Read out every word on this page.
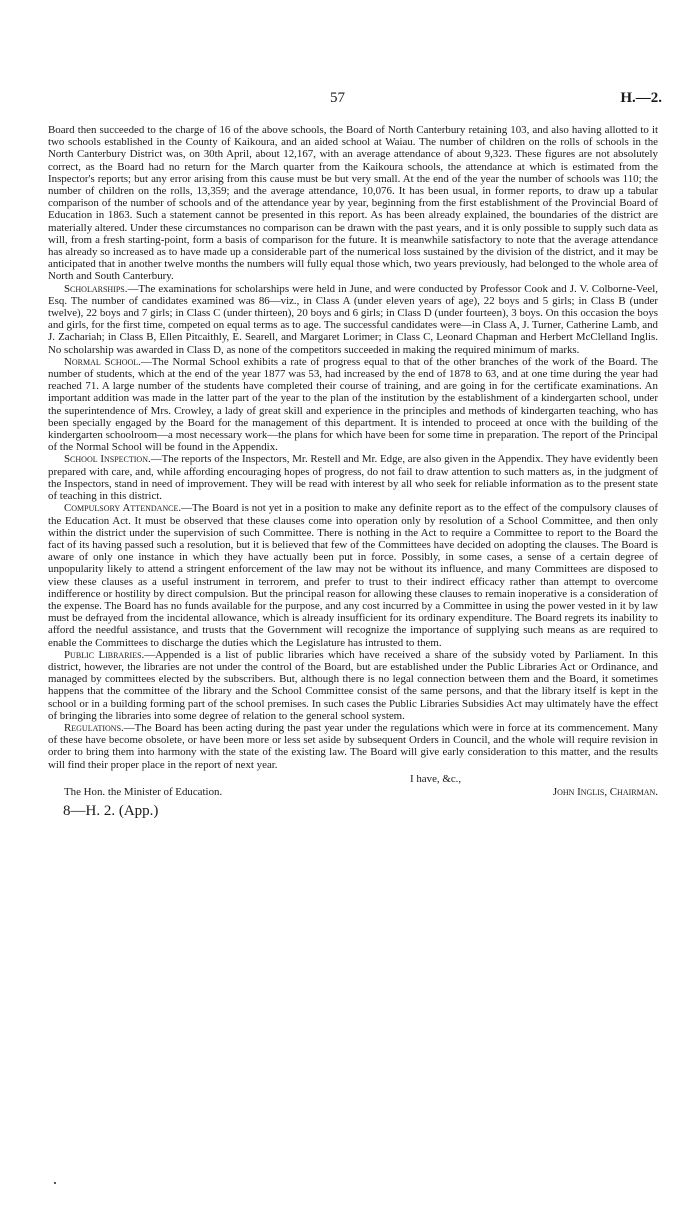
57	H.—2.

Board then succeeded to the charge of 16 of the above schools, the Board of North Canterbury retaining 103, and also having allotted to it two schools established in the County of Kaikoura, and an aided school at Waiau. The number of children on the rolls of schools in the North Canterbury District was, on 30th April, about 12,167, with an average attendance of about 9,323. These figures are not absolutely correct, as the Board had no return for the March quarter from the Kaikoura schools, the attendance at which is estimated from the Inspector's reports; but any error arising from this cause must be but very small. At the end of the year the number of schools was 110; the number of children on the rolls, 13,359; and the average attendance, 10,076. It has been usual, in former reports, to draw up a tabular comparison of the number of schools and of the attendance year by year, beginning from the first establishment of the Provincial Board of Education in 1863. Such a statement cannot be presented in this report. As has been already explained, the boundaries of the district are materially altered. Under these circumstances no comparison can be drawn with the past years, and it is only possible to supply such data as will, from a fresh starting-point, form a basis of comparison for the future. It is meanwhile satisfactory to note that the average attendance has already so increased as to have made up a considerable part of the numerical loss sustained by the division of the district, and it may be anticipated that in another twelve months the numbers will fully equal those which, two years previously, had belonged to the whole area of North and South Canterbury.

Scholarships.—The examinations for scholarships were held in June, and were conducted by Professor Cook and J. V. Colborne-Veel, Esq. The number of candidates examined was 86—viz., in Class A (under eleven years of age), 22 boys and 5 girls; in Class B (under twelve), 22 boys and 7 girls; in Class C (under thirteen), 20 boys and 6 girls; in Class D (under fourteen), 3 boys. On this occasion the boys and girls, for the first time, competed on equal terms as to age. The successful candidates were—in Class A, J. Turner, Catherine Lamb, and J. Zachariah; in Class B, Ellen Pitcaithly, E. Searell, and Margaret Lorimer; in Class C, Leonard Chapman and Herbert McClelland Inglis. No scholarship was awarded in Class D, as none of the competitors succeeded in making the required minimum of marks.

Normal School.—The Normal School exhibits a rate of progress equal to that of the other branches of the work of the Board. The number of students, which at the end of the year 1877 was 53, had increased by the end of 1878 to 63, and at one time during the year had reached 71. A large number of the students have completed their course of training, and are going in for the certificate examinations. An important addition was made in the latter part of the year to the plan of the institution by the establishment of a kindergarten school, under the superintendence of Mrs. Crowley, a lady of great skill and experience in the principles and methods of kindergarten teaching, who has been specially engaged by the Board for the management of this department. It is intended to proceed at once with the building of the kindergarten schoolroom—a most necessary work—the plans for which have been for some time in preparation. The report of the Principal of the Normal School will be found in the Appendix.

School Inspection.—The reports of the Inspectors, Mr. Restell and Mr. Edge, are also given in the Appendix. They have evidently been prepared with care, and, while affording encouraging hopes of progress, do not fail to draw attention to such matters as, in the judgment of the Inspectors, stand in need of improvement. They will be read with interest by all who seek for reliable information as to the present state of teaching in this district.

Compulsory Attendance.—The Board is not yet in a position to make any definite report as to the effect of the compulsory clauses of the Education Act. It must be observed that these clauses come into operation only by resolution of a School Committee, and then only within the district under the supervision of such Committee. There is nothing in the Act to require a Committee to report to the Board the fact of its having passed such a resolution, but it is believed that few of the Committees have decided on adopting the clauses. The Board is aware of only one instance in which they have actually been put in force. Possibly, in some cases, a sense of a certain degree of unpopularity likely to attend a stringent enforcement of the law may not be without its influence, and many Committees are disposed to view these clauses as a useful instrument in terrorem, and prefer to trust to their indirect efficacy rather than attempt to overcome indifference or hostility by direct compulsion. But the principal reason for allowing these clauses to remain inoperative is a consideration of the expense. The Board has no funds available for the purpose, and any cost incurred by a Committee in using the power vested in it by law must be defrayed from the incidental allowance, which is already insufficient for its ordinary expenditure. The Board regrets its inability to afford the needful assistance, and trusts that the Government will recognize the importance of supplying such means as are required to enable the Committees to discharge the duties which the Legislature has intrusted to them.

Public Libraries.—Appended is a list of public libraries which have received a share of the subsidy voted by Parliament. In this district, however, the libraries are not under the control of the Board, but are established under the Public Libraries Act or Ordinance, and managed by committees elected by the subscribers. But, although there is no legal connection between them and the Board, it sometimes happens that the committee of the library and the School Committee consist of the same persons, and that the library itself is kept in the school or in a building forming part of the school premises. In such cases the Public Libraries Subsidies Act may ultimately have the effect of bringing the libraries into some degree of relation to the general school system.

Regulations.—The Board has been acting during the past year under the regulations which were in force at its commencement. Many of these have become obsolete, or have been more or less set aside by subsequent Orders in Council, and the whole will require revision in order to bring them into harmony with the state of the existing law. The Board will give early consideration to this matter, and the results will find their proper place in the report of next year.

I have, &c.,
The Hon. the Minister of Education.	John Inglis, Chairman.
8—H. 2. (App.)
